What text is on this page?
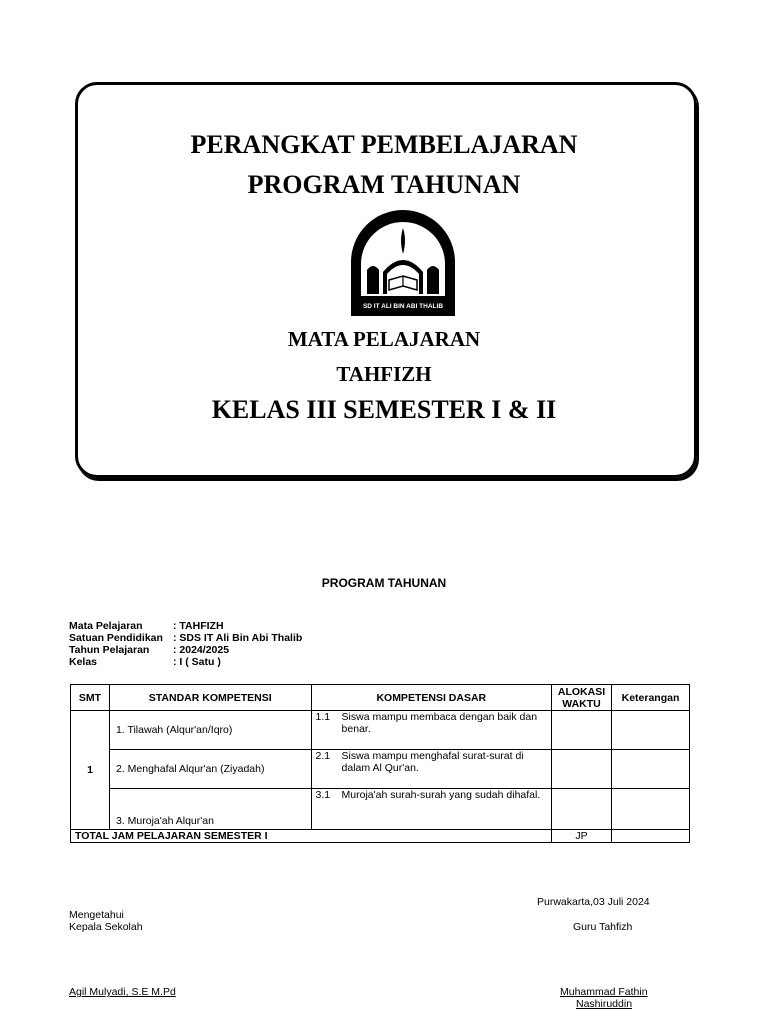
PERANGKAT PEMBELAJARAN
PROGRAM TAHUNAN
SD IT ALI BIN ABI THALIB
MATA PELAJARAN
TAHFIZH
KELAS III SEMESTER I & II
PROGRAM TAHUNAN
Mata Pelajaran	: TAHFIZH
Satuan Pendidikan : SDS IT Ali Bin Abi Thalib
Tahun Pelajaran	: 2024/2025
Kelas	: I ( Satu )
SMT	STANDAR KOMPETENSI	KOMPETENSI DASAR	ALOKASI WAKTU	Keterangan
1	1. Tilawah (Alqur'an/Iqro)	1.1 Siswa mampu membaca dengan baik dan benar.		

	2. Menghafal Alqur'an (Ziyadah)	2.1 Siswa mampu menghafal surat-surat di dalam Al Qur'an.		

	3. Muroja'ah Alqur'an	3.1 Muroja'ah surah-surah yang sudah dihafal.		

TOTAL JAM PELAJARAN SEMESTER I			JP	
Purwakarta,03 Juli 2024
Mengetahui
Kepala Sekolah	Guru Tahfizh
Agil Mulyadi, S.E M.Pd	Muhammad Fathin
Nashiruddin
